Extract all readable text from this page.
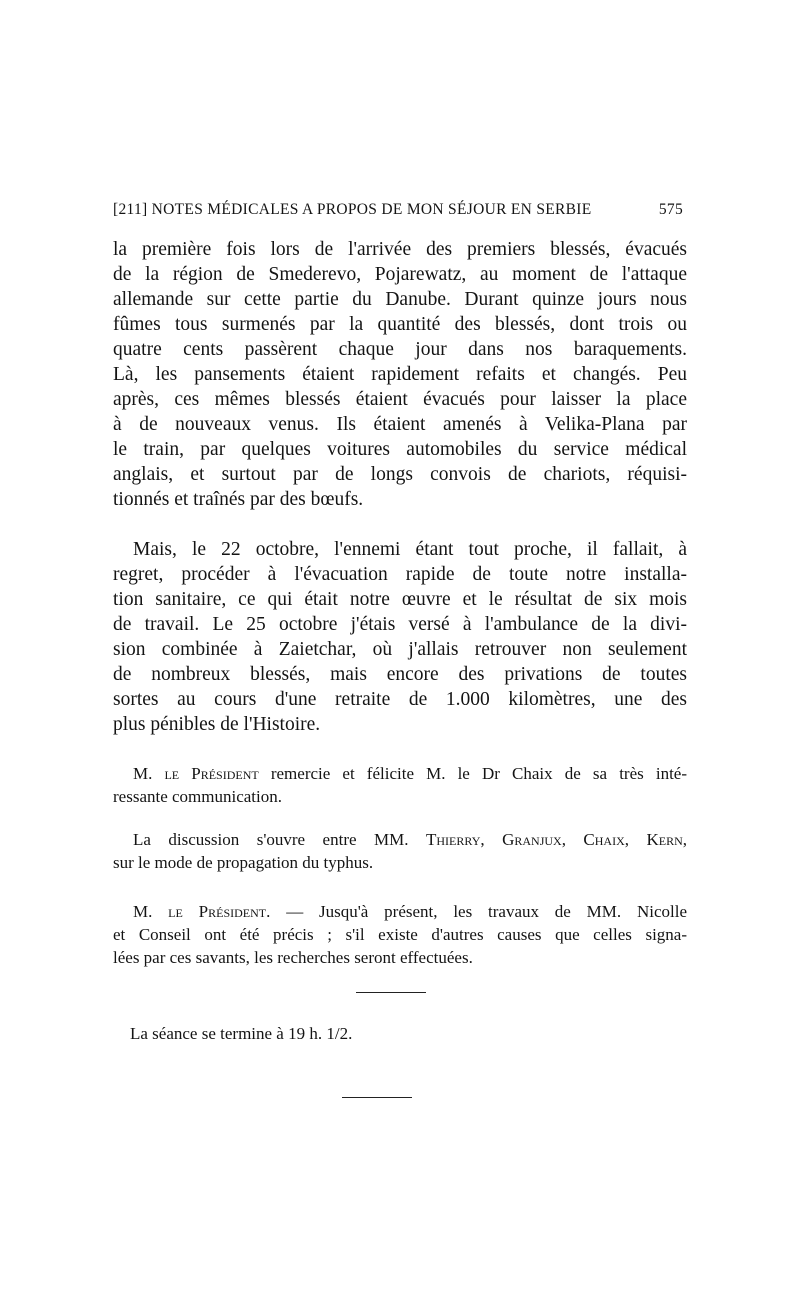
[211] NOTES MÉDICALES A PROPOS DE MON SÉJOUR EN SERBIE	575
la première fois lors de l'arrivée des premiers blessés, évacués
de la région de Smederevo, Pojarewatz, au moment de l'attaque
allemande sur cette partie du Danube. Durant quinze jours nous
fûmes tous surmenés par la quantité des blessés, dont trois ou
quatre cents passèrent chaque jour dans nos baraquements.
Là, les pansements étaient rapidement refaits et changés. Peu
après, ces mêmes blessés étaient évacués pour laisser la place
à de nouveaux venus. Ils étaient amenés à Velika-Plana par
le train, par quelques voitures automobiles du service médical
anglais, et surtout par de longs convois de chariots, réquisi-
tionnés et traînés par des bœufs.
Mais, le 22 octobre, l'ennemi étant tout proche, il fallait, à
regret, procéder à l'évacuation rapide de toute notre installa-
tion sanitaire, ce qui était notre œuvre et le résultat de six mois
de travail. Le 25 octobre j'étais versé à l'ambulance de la divi-
sion combinée à Zaietchar, où j'allais retrouver non seulement
de nombreux blessés, mais encore des privations de toutes
sortes au cours d'une retraite de 1.000 kilomètres, une des
plus pénibles de l'Histoire.
M. le Président remercie et félicite M. le Dr Chaix de sa très inté-
ressante communication.
La discussion s'ouvre entre MM. Thierry, Granjux, Chaix, Kern,
sur le mode de propagation du typhus.
M. le Président. — Jusqu'à présent, les travaux de MM. Nicolle
et Conseil ont été précis ; s'il existe d'autres causes que celles signa-
lées par ces savants, les recherches seront effectuées.
La séance se termine à 19 h. 1/2.
